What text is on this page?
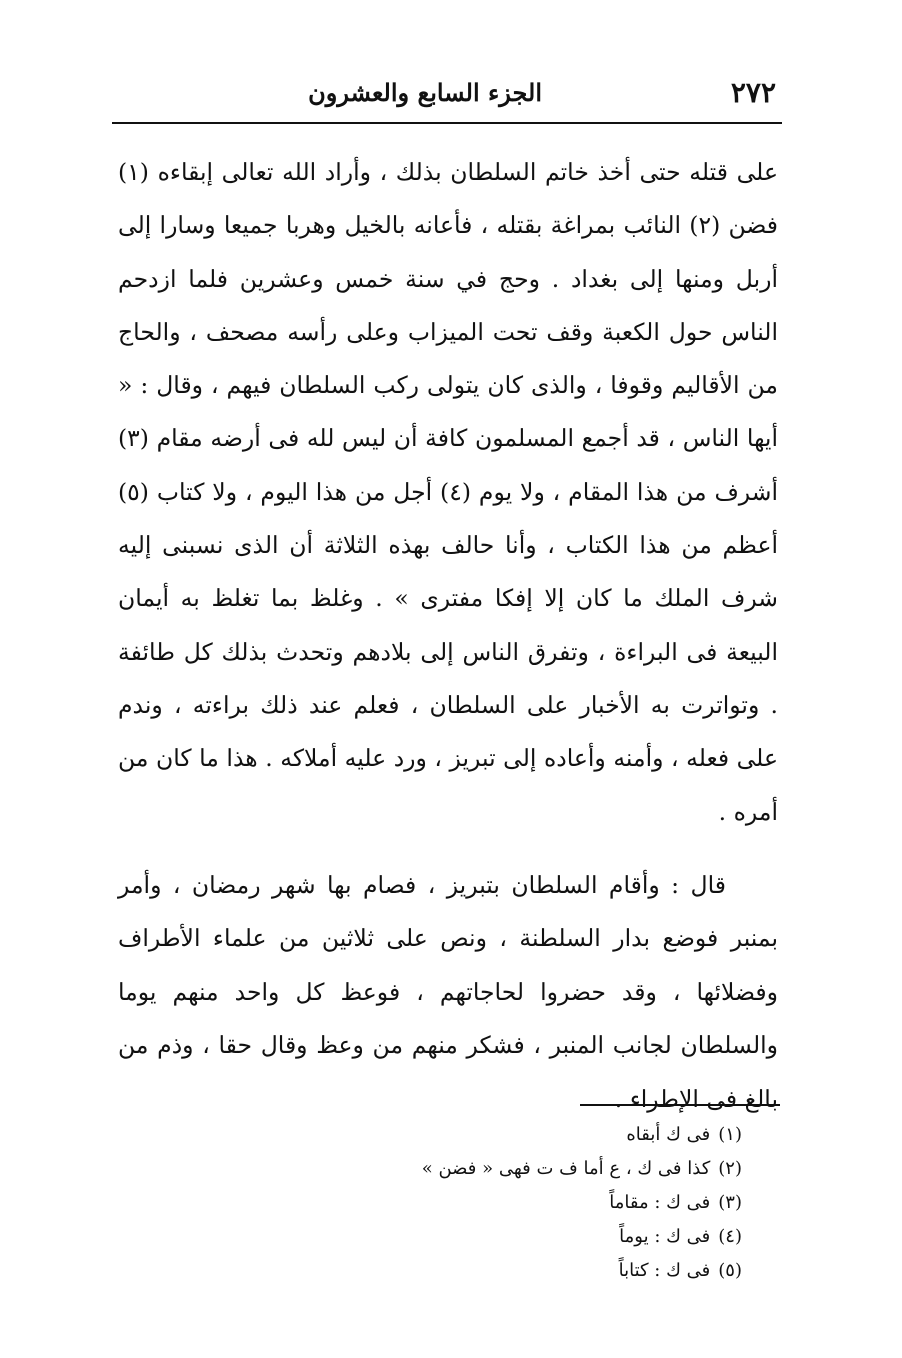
٢٧٢
الجزء السابع والعشرون

على قتله حتى أخذ خاتم السلطان بذلك ، وأراد الله تعالى إبقاءه (١) فضن (٢) النائب بمراغة بقتله ، فأعانه بالخيل وهربا جميعا وسارا إلى أربل ومنها إلى بغداد . وحج في سنة خمس وعشرين فلما ازدحم الناس حول الكعبة وقف تحت الميزاب وعلى رأسه مصحف ، والحاج من الأقاليم وقوفا ، والذى كان يتولى ركب السلطان فيهم ، وقال : « أيها الناس ، قد أجمع المسلمون كافة أن ليس لله فى أرضه مقام (٣) أشرف من هذا المقام ، ولا يوم (٤) أجل من هذا اليوم ، ولا كتاب (٥) أعظم من هذا الكتاب ، وأنا حالف بهذه الثلاثة أن الذى نسبنى إليه شرف الملك ما كان إلا إفكا مفترى » . وغلظ بما تغلظ به أيمان البيعة فى البراءة ، وتفرق الناس إلى بلادهم وتحدث بذلك كل طائفة . وتواترت به الأخبار على السلطان ، فعلم عند ذلك براءته ، وندم على فعله ، وأمنه وأعاده إلى تبريز ، ورد عليه أملاكه . هذا ما كان من أمره .

قال : وأقام السلطان بتبريز ، فصام بها شهر رمضان ، وأمر بمنبر فوضع بدار السلطنة ، ونص على ثلاثين من علماء الأطراف وفضلائها ، وقد حضروا لحاجاتهم ، فوعظ كل واحد منهم يوما والسلطان لجانب المنبر ، فشكر منهم من وعظ وقال حقا ، وذم من بالغ فى الإطراء .

(١)فى ك أبقاه
(٢)كذا فى ك ، ع أما ف ت فهى « فضن »
(٣)فى ك : مقاماً
(٤)فى ك : يوماً
(٥)فى ك : كتاباً
